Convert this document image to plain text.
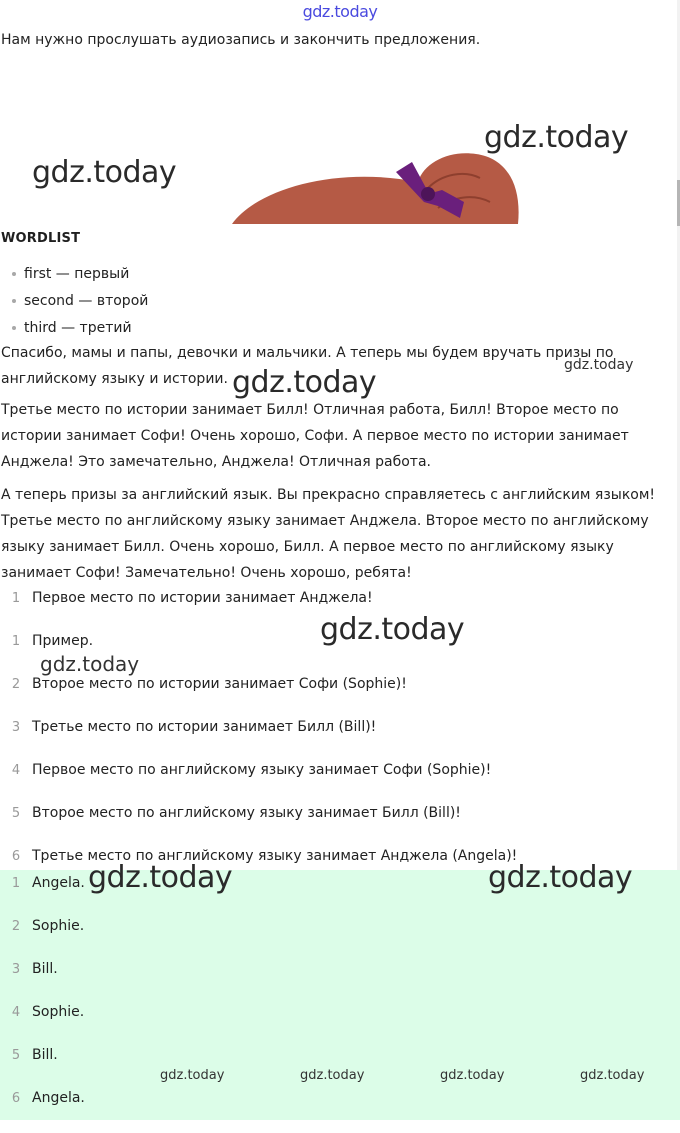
gdz.today
Нам нужно прослушать аудиозапись и закончить предложения.
gdz.today
gdz.today
WORDLIST
first — первый
second — второй
third — третий

Спасибо, мамы и папы, девочки и мальчики. А теперь мы будем вручать призы по английскому языку и истории. gdz.today	gdz.today

Третье место по истории занимает Билл! Отличная работа, Билл! Второе место по истории занимает Софи! Очень хорошо, Софи. А первое место по истории занимает Анджела! Это замечательно, Анджела! Отличная работа.

А теперь призы за английский язык. Вы прекрасно справляетесь с английским языком! Третье место по английскому языку занимает Анджела. Второе место по английскому языку занимает Билл. Очень хорошо, Билл. А первое место по английскому языку занимает Софи! Замечательно! Очень хорошо, ребята!

1 Первое место по истории занимает Анджела!
1 Пример.
2 Второе место по истории занимает Софи (Sophie)!
3 Третье место по истории занимает Билл (Bill)!
4 Первое место по английскому языку занимает Софи (Sophie)!
5 Второе место по английскому языку занимает Билл (Bill)!
6 Третье место по английскому языку занимает Анджела (Angela)!
gdz.today
gdz.today
1 Angela.
2 Sophie.
3 Bill.
4 Sophie.
5 Bill.
6 Angela.
gdz.today	gdz.today
gdz.today	gdz.today	gdz.today	gdz.today
